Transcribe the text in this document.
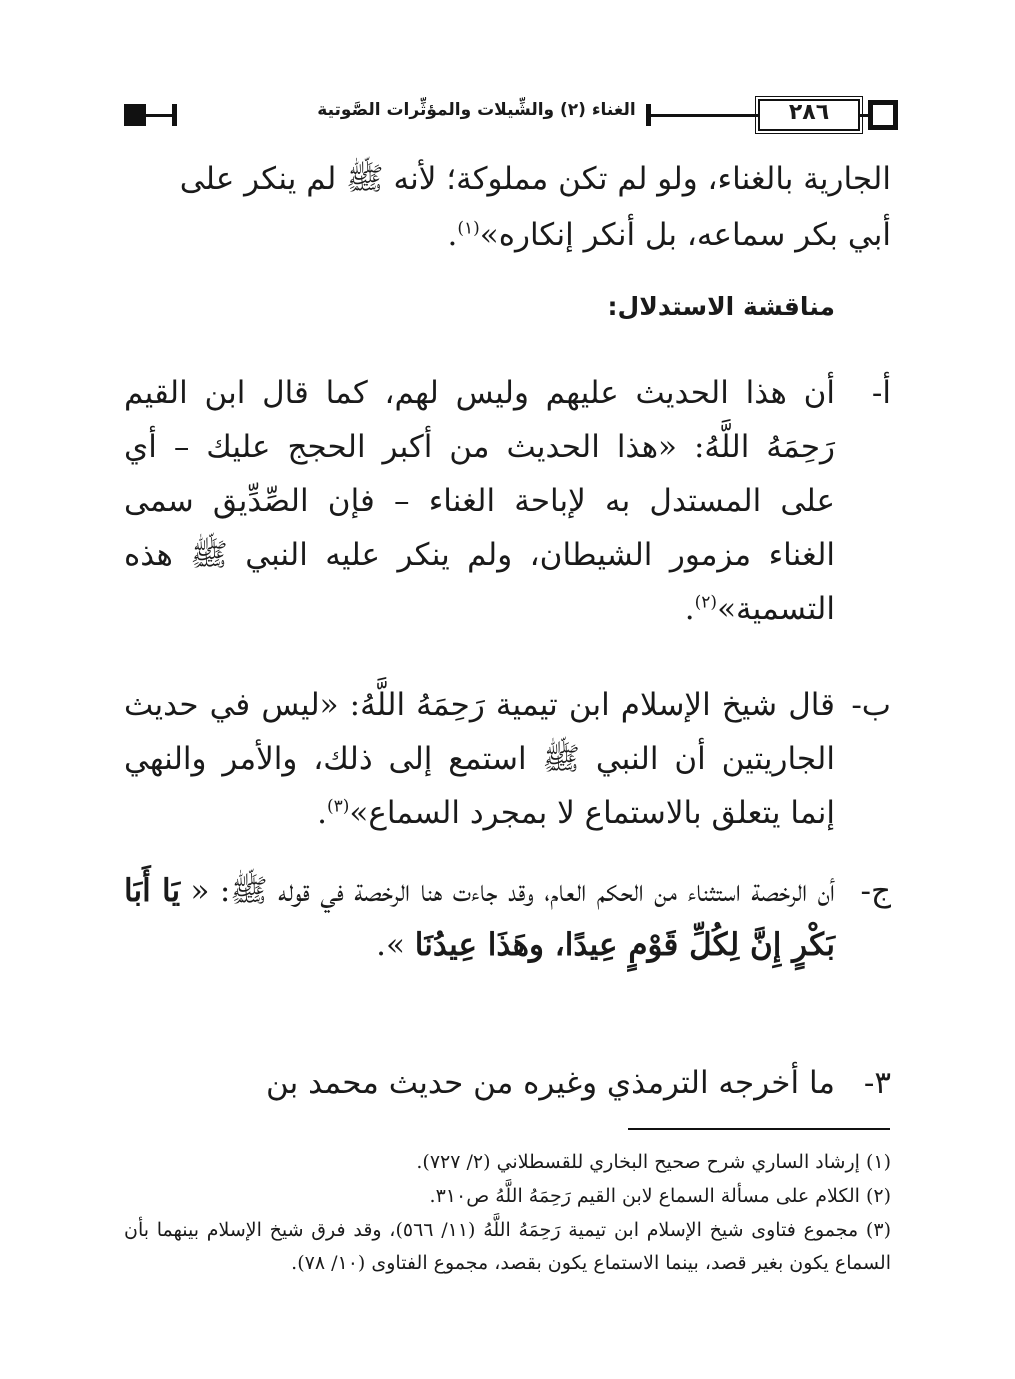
الغناء (٢) والشِّيلات والمؤثِّرات الصَّوتية	٢٨٦
الجارية بالغناء، ولو لم تكن مملوكة؛ لأنه ﷺ لم ينكر على
أبي بكر سماعه، بل أنكر إنكاره»$^{(١)}$.
مناقشة الاستدلال:
أ-
أن هذا الحديث عليهم وليس لهم، كما قال ابن القيم رَحِمَهُ اللَّهُ: «هذا الحديث من أكبر الحجج عليك – أي على المستدل به لإباحة الغناء – فإن الصِّدِّيق سمى الغناء مزمور الشيطان، ولم ينكر عليه النبي ﷺ هذه التسمية»$^{(٢)}$.
ب-
قال شيخ الإسلام ابن تيمية رَحِمَهُ اللَّهُ: «ليس في حديث الجاريتين أن النبي ﷺ استمع إلى ذلك، والأمر والنهي إنما يتعلق بالاستماع لا بمجرد السماع»$^{(٣)}$.
ج-
أن الرخصة استثناء من الحكم العام، وقد جاءت هنا الرخصة في قوله ﷺ: « يَا أَبَا بَكْرٍ إِنَّ لِكُلِّ قَوْمٍ عِيدًا، وهَذَا عِيدُنَا ».
٣-
ما أخرجه الترمذي وغيره من حديث محمد بن
(١) إرشاد الساري شرح صحيح البخاري للقسطلاني (٢/ ٧٢٧).
(٢) الكلام على مسألة السماع لابن القيم رَحِمَهُ اللَّهُ ص٣١٠.
(٣) مجموع فتاوى شيخ الإسلام ابن تيمية رَحِمَهُ اللَّهُ (١١/ ٥٦٦)، وقد فرق شيخ الإسلام بينهما بأن السماع يكون بغير قصد، بينما الاستماع يكون بقصد، مجموع الفتاوى (١٠/ ٧٨).
